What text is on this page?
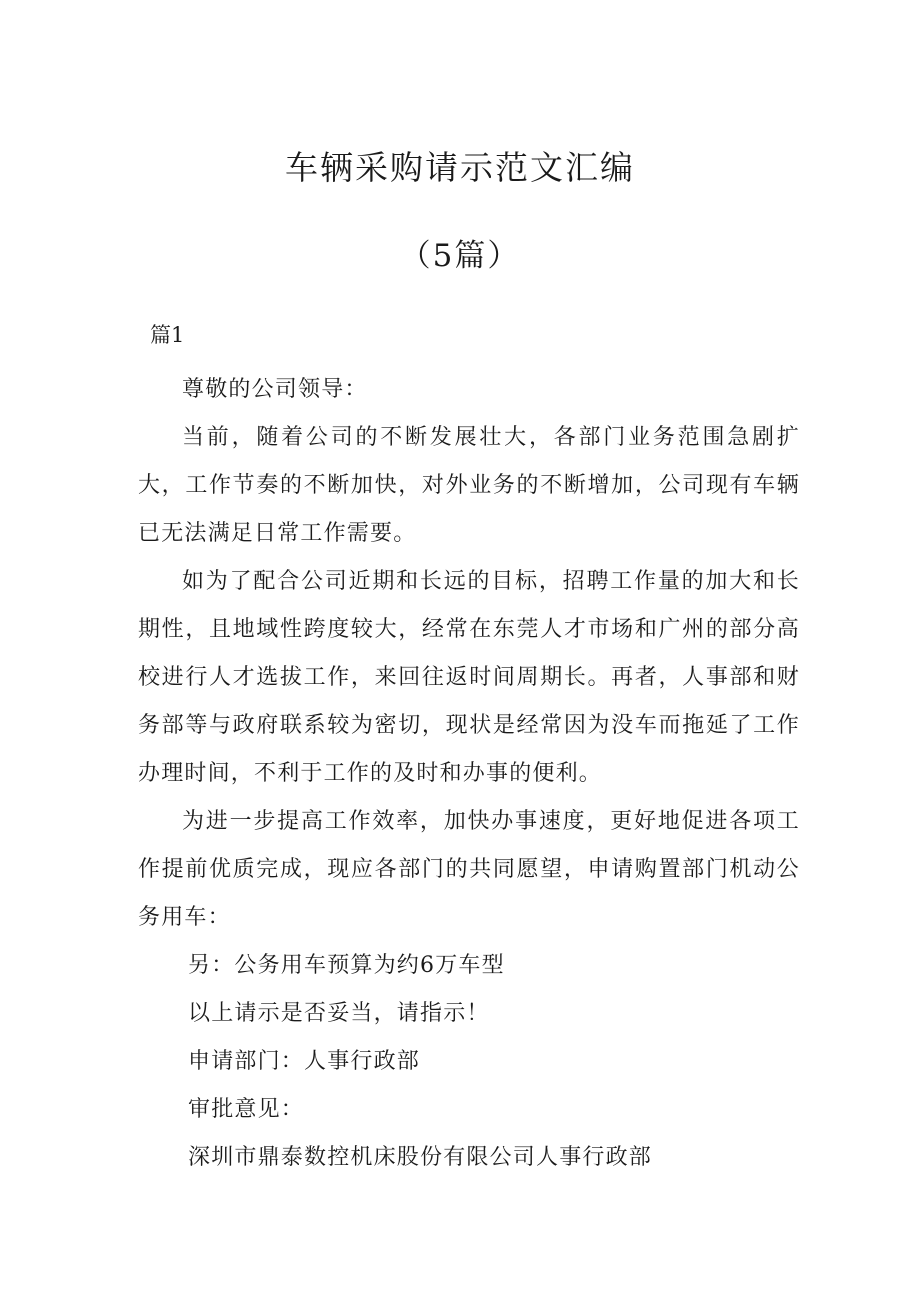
车辆采购请示范文汇编
（5篇）
篇1

尊敬的公司领导：

当前，随着公司的不断发展壮大，各部门业务范围急剧扩大，工作节奏的不断加快，对外业务的不断增加，公司现有车辆已无法满足日常工作需要。

如为了配合公司近期和长远的目标，招聘工作量的加大和长期性，且地域性跨度较大，经常在东莞人才市场和广州的部分高校进行人才选拔工作，来回往返时间周期长。再者，人事部和财务部等与政府联系较为密切，现状是经常因为没车而拖延了工作办理时间，不利于工作的及时和办事的便利。

为进一步提高工作效率，加快办事速度，更好地促进各项工作提前优质完成，现应各部门的共同愿望，申请购置部门机动公务用车：

另：公务用车预算为约6万车型

以上请示是否妥当，请指示！

申请部门：人事行政部

审批意见：

深圳市鼎泰数控机床股份有限公司人事行政部
